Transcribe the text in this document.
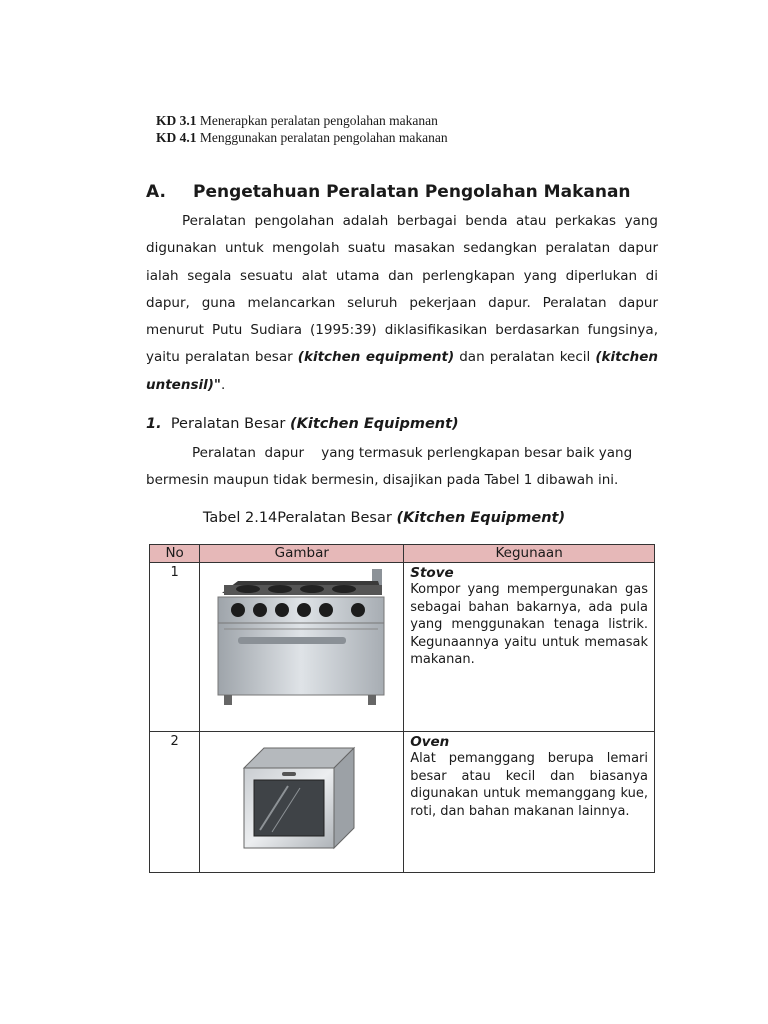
KD 3.1 Menerapkan peralatan pengolahan makanan
KD 4.1 Menggunakan peralatan pengolahan makanan
A. Pengetahuan Peralatan Pengolahan Makanan

Peralatan pengolahan adalah berbagai benda atau perkakas yang digunakan untuk mengolah suatu masakan sedangkan peralatan dapur ialah segala sesuatu alat utama dan perlengkapan yang diperlukan di dapur, guna melancarkan seluruh pekerjaan dapur. Peralatan dapur menurut Putu Sudiara (1995:39) diklasifikasikan berdasarkan fungsinya, yaitu peralatan besar (kitchen equipment) dan peralatan kecil (kitchen untensil)".

1. Peralatan Besar (Kitchen Equipment)

Peralatan  dapur    yang termasuk perlengkapan besar baik yang

bermesin maupun tidak bermesin, disajikan pada Tabel 1 dibawah ini.

Tabel 2.14Peralatan Besar (Kitchen Equipment)
No	Gambar	Kegunaan
1		Stove
Kompor yang mempergunakan gas sebagai bahan bakarnya, ada pula yang menggunakan tenaga listrik. Kegunaannya yaitu untuk memasak makanan.

2		Oven
Alat pemanggang berupa lemari besar atau kecil dan biasanya digunakan untuk memanggang kue, roti, dan bahan makanan lainnya.
